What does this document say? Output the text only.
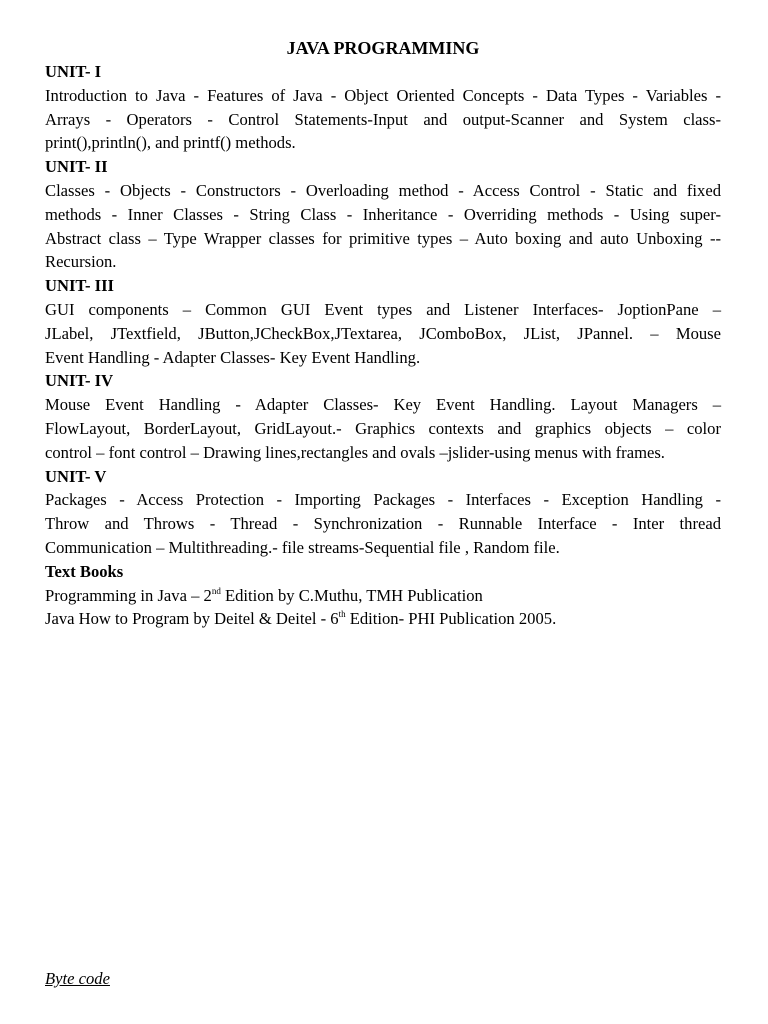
JAVA PROGRAMMING
UNIT- I
Introduction to Java - Features of Java - Object Oriented Concepts - Data Types - Variables -
Arrays - Operators - Control Statements-Input and output-Scanner and System class-
print(),println(), and printf() methods.
UNIT- II
Classes - Objects - Constructors - Overloading method - Access Control - Static and fixed
methods - Inner Classes - String Class - Inheritance - Overriding methods - Using super-
Abstract class – Type Wrapper classes for primitive types – Auto boxing and auto Unboxing --
Recursion.
UNIT- III
GUI components – Common GUI Event types and Listener Interfaces- JoptionPane –
JLabel, JTextfield, JButton,JCheckBox,JTextarea, JComboBox, JList, JPannel. – Mouse
Event Handling - Adapter Classes- Key Event Handling.
UNIT- IV
Mouse Event Handling - Adapter Classes- Key Event Handling. Layout Managers –
FlowLayout, BorderLayout, GridLayout.- Graphics contexts and graphics objects – color
control – font control – Drawing lines,rectangles and ovals –jslider-using menus with frames.
UNIT- V
Packages - Access Protection - Importing Packages - Interfaces - Exception Handling -
Throw and Throws - Thread - Synchronization - Runnable Interface - Inter thread
Communication – Multithreading.- file streams-Sequential file , Random file.
Text Books
Programming in Java – 2nd Edition by C.Muthu, TMH Publication
Java How to Program by Deitel & Deitel - 6th Edition- PHI Publication 2005.
Byte code
